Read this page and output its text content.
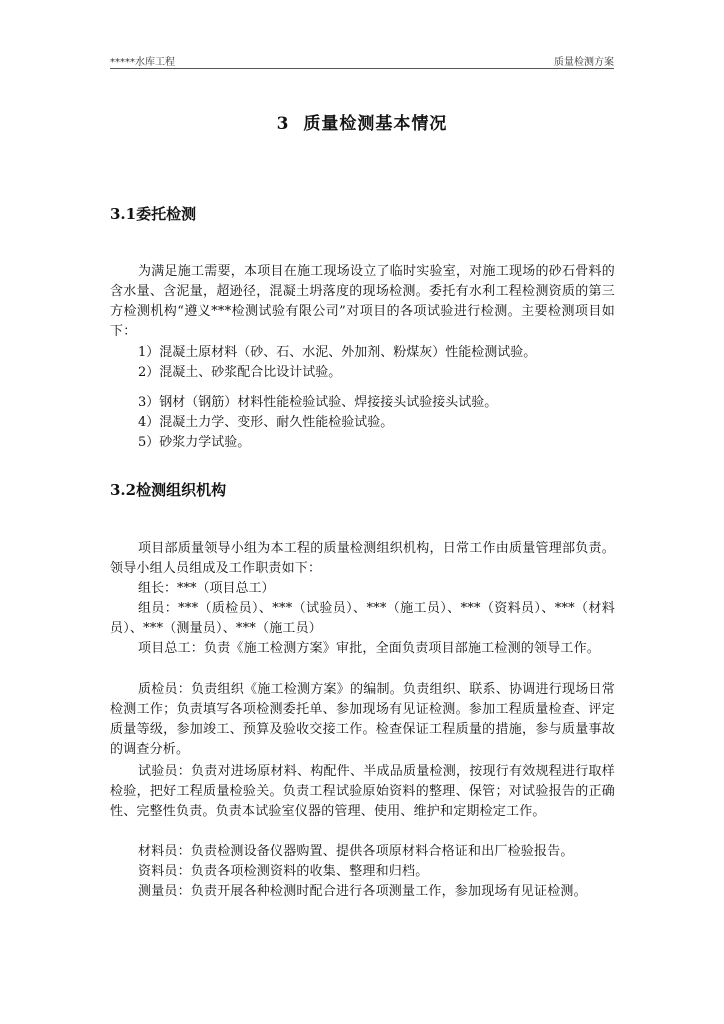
*****水库工程	质量检测方案
3 质量检测基本情况
3.1委托检测

为满足施工需要，本项目在施工现场设立了临时实验室，对施工现场的砂石骨料的含水量、含泥量，超逊径，混凝土坍落度的现场检测。委托有水利工程检测资质的第三方检测机构“遵义***检测试验有限公司”对项目的各项试验进行检测。主要检测项目如下：

1）混凝土原材料（砂、石、水泥、外加剂、粉煤灰）性能检测试验。
2）混凝土、砂浆配合比设计试验。
3）钢材（钢筋）材料性能检验试验、焊接接头试验接头试验。
4）混凝土力学、变形、耐久性能检验试验。
5）砂浆力学试验。
3.2检测组织机构

项目部质量领导小组为本工程的质量检测组织机构，日常工作由质量管理部负责。领导小组人员组成及工作职责如下：

组长：***（项目总工）

组员：***（质检员）、***（试验员）、***（施工员）、***（资料员）、***（材料员）、***（测量员）、***（施工员）

项目总工：负责《施工检测方案》审批，全面负责项目部施工检测的领导工作。

质检员：负责组织《施工检测方案》的编制。负责组织、联系、协调进行现场日常检测工作；负责填写各项检测委托单、参加现场有见证检测。参加工程质量检查、评定质量等级，参加竣工、预算及验收交接工作。检查保证工程质量的措施，参与质量事故的调查分析。

试验员：负责对进场原材料、构配件、半成品质量检测，按现行有效规程进行取样检验，把好工程质量检验关。负责工程试验原始资料的整理、保管；对试验报告的正确性、完整性负责。负责本试验室仪器的管理、使用、维护和定期检定工作。

材料员：负责检测设备仪器购置、提供各项原材料合格证和出厂检验报告。

资料员：负责各项检测资料的收集、整理和归档。

测量员：负责开展各种检测时配合进行各项测量工作，参加现场有见证检测。
